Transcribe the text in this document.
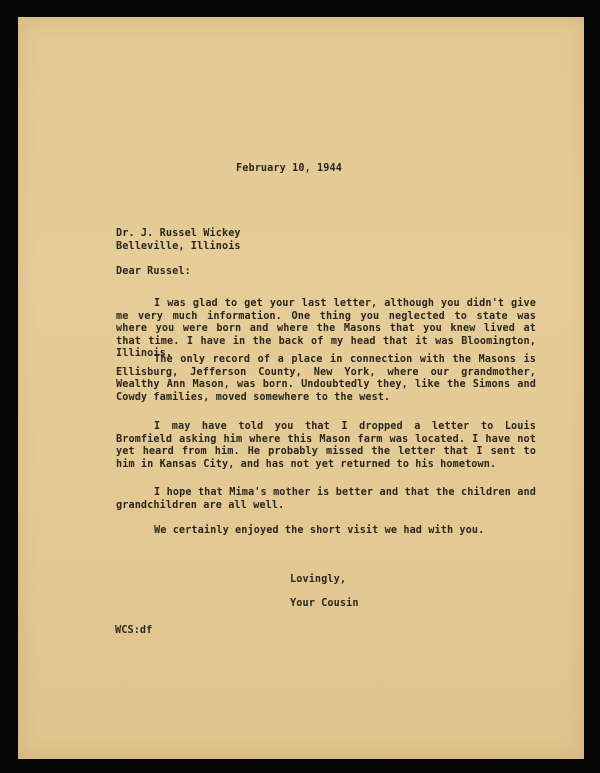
February 10, 1944
Dr. J. Russel Wickey
Belleville, Illinois
Dear Russel:
I was glad to get your last letter, although you didn't give me very much information. One thing you neglected to state was where you were born and where the Masons that you knew lived at that time. I have in the back of my head that it was Bloomington, Illinois.
The only record of a place in connection with the Masons is Ellisburg, Jefferson County, New York, where our grandmother, Wealthy Ann Mason, was born. Undoubtedly they, like the Simons and Cowdy families, moved somewhere to the west.
I may have told you that I dropped a letter to Louis Bromfield asking him where this Mason farm was located. I have not yet heard from him. He probably missed the letter that I sent to him in Kansas City, and has not yet returned to his hometown.
I hope that Mima's mother is better and that the children and grandchildren are all well.
We certainly enjoyed the short visit we had with you.
Lovingly,
Your Cousin
WCS:df
